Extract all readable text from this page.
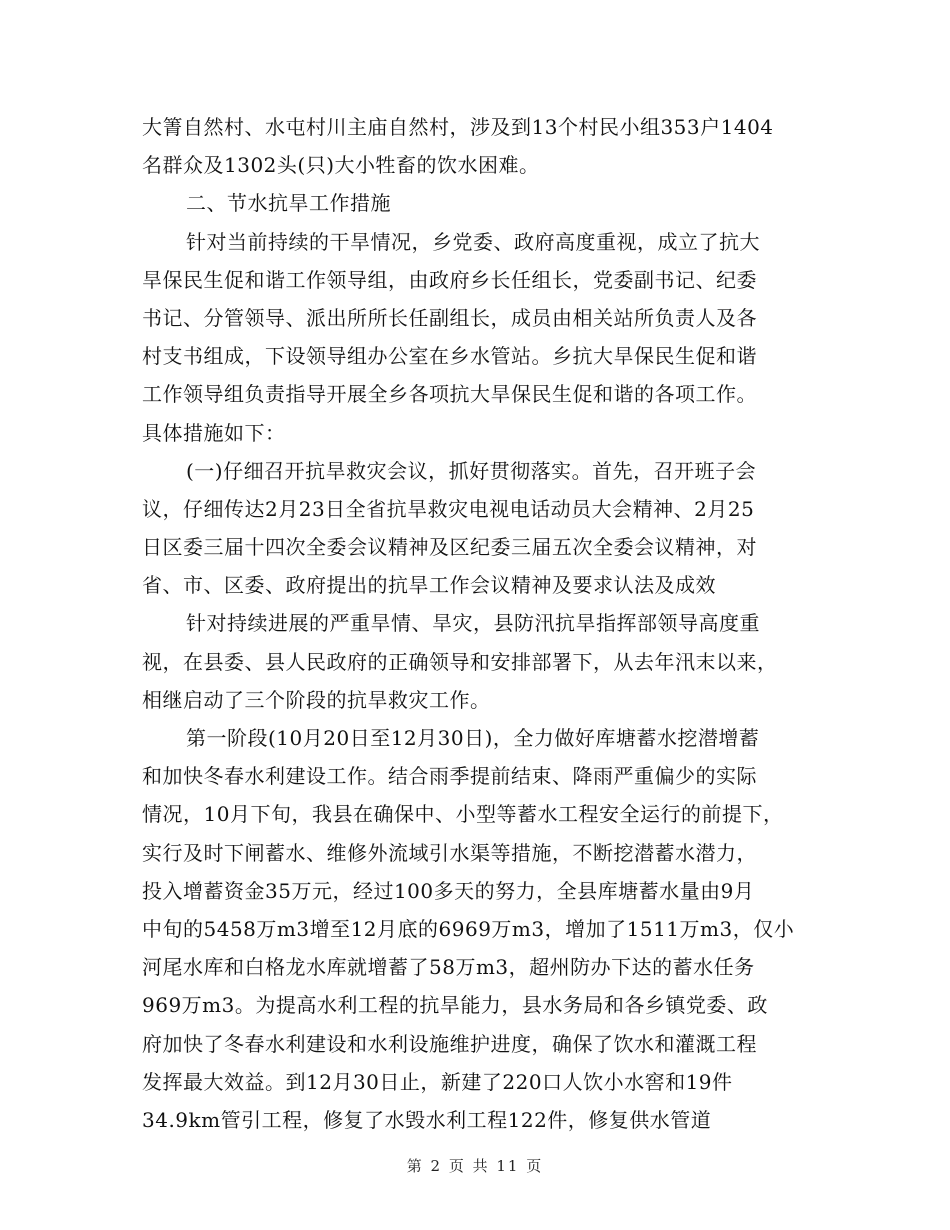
大箐自然村、水屯村川主庙自然村，涉及到13个村民小组353户1404
名群众及1302头(只)大小牲畜的饮水困难。
二、节水抗旱工作措施
针对当前持续的干旱情况，乡党委、政府高度重视，成立了抗大
旱保民生促和谐工作领导组，由政府乡长任组长，党委副书记、纪委
书记、分管领导、派出所所长任副组长，成员由相关站所负责人及各
村支书组成，下设领导组办公室在乡水管站。乡抗大旱保民生促和谐
工作领导组负责指导开展全乡各项抗大旱保民生促和谐的各项工作。
具体措施如下：
(一)仔细召开抗旱救灾会议，抓好贯彻落实。首先，召开班子会
议，仔细传达2月23日全省抗旱救灾电视电话动员大会精神、2月25
日区委三届十四次全委会议精神及区纪委三届五次全委会议精神，对
省、市、区委、政府提出的抗旱工作会议精神及要求认法及成效
针对持续进展的严重旱情、旱灾，县防汛抗旱指挥部领导高度重
视，在县委、县人民政府的正确领导和安排部署下，从去年汛末以来，
相继启动了三个阶段的抗旱救灾工作。
第一阶段(10月20日至12月30日)，全力做好库塘蓄水挖潜增蓄
和加快冬春水利建设工作。结合雨季提前结束、降雨严重偏少的实际
情况，10月下旬，我县在确保中、小型等蓄水工程安全运行的前提下，
实行及时下闸蓄水、维修外流域引水渠等措施，不断挖潜蓄水潜力，
投入增蓄资金35万元，经过100多天的努力，全县库塘蓄水量由9月
中旬的5458万m3增至12月底的6969万m3，增加了1511万m3，仅小
河尾水库和白格龙水库就增蓄了58万m3，超州防办下达的蓄水任务
969万m3。为提高水利工程的抗旱能力，县水务局和各乡镇党委、政
府加快了冬春水利建设和水利设施维护进度，确保了饮水和灌溉工程
发挥最大效益。到12月30日止，新建了220口人饮小水窖和19件
34.9km管引工程，修复了水毁水利工程122件，修复供水管道
第 2 页 共 11 页
